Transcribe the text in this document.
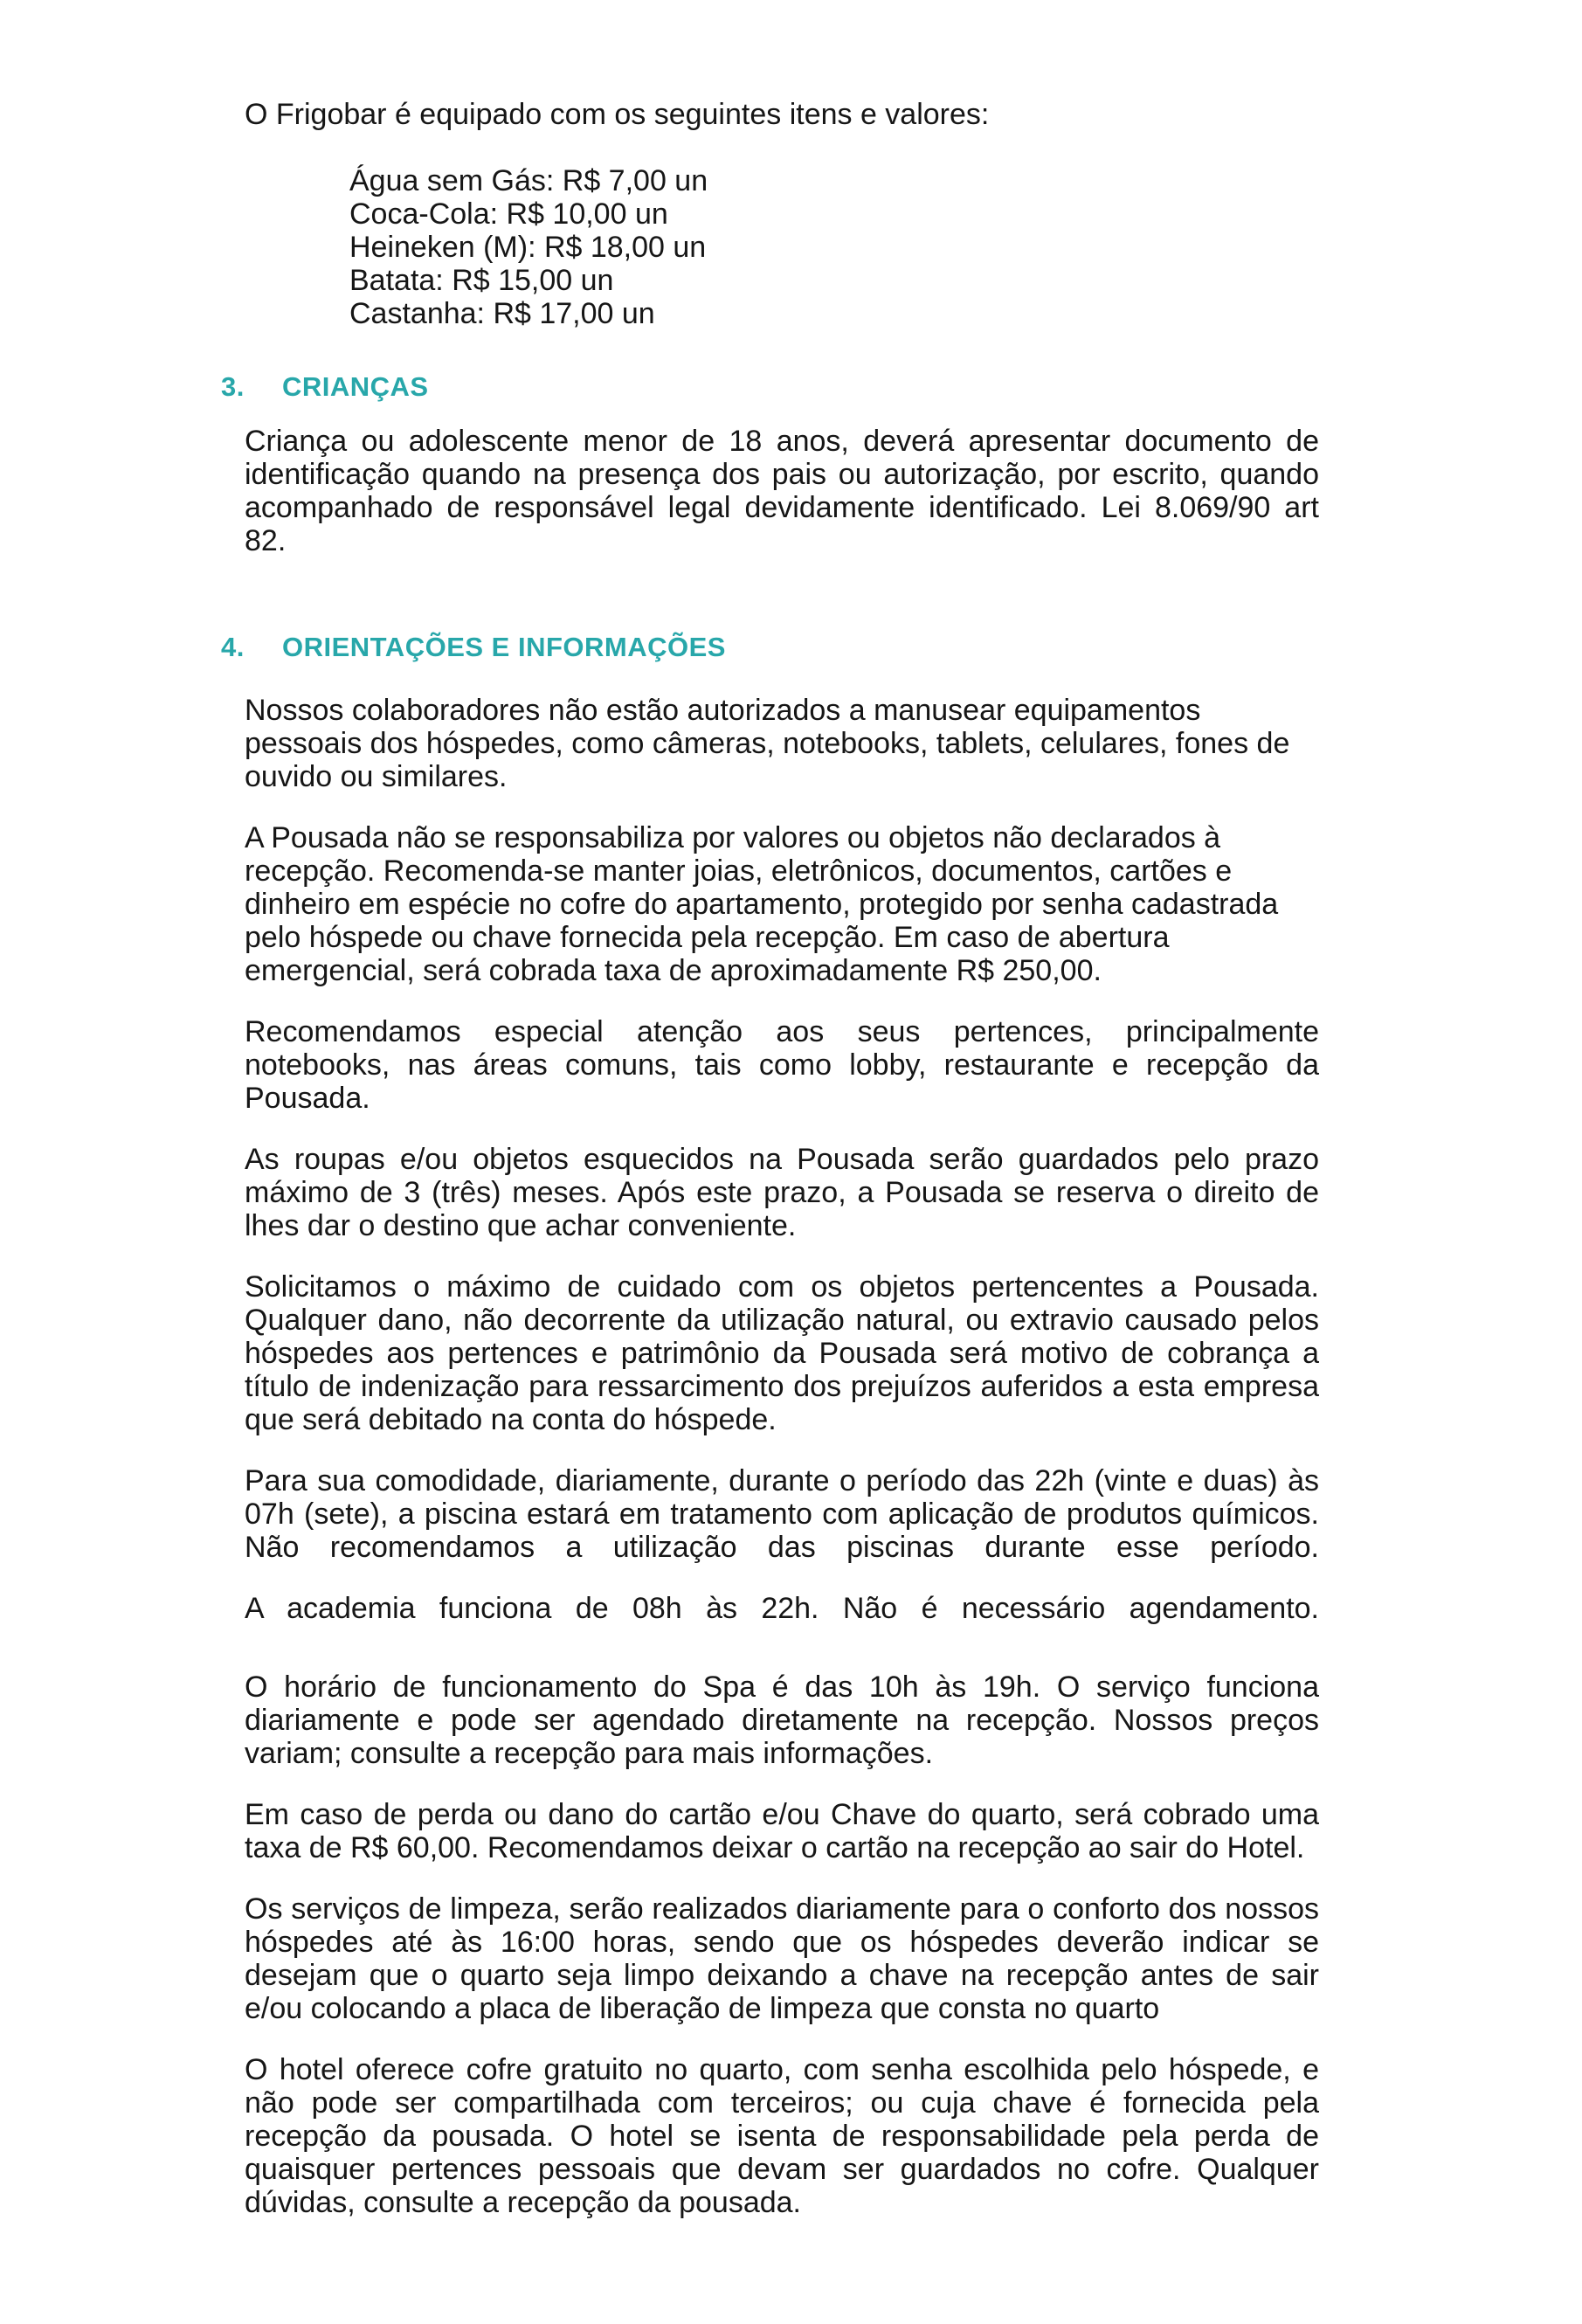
O Frigobar é equipado com os seguintes itens e valores:

Água sem Gás: R$ 7,00 un
Coca-Cola: R$ 10,00 un
Heineken (M): R$ 18,00 un
Batata: R$ 15,00 un
Castanha: R$ 17,00 un
3.	CRIANÇAS

Criança ou adolescente menor de 18 anos, deverá apresentar documento de identificação quando na presença dos pais ou autorização, por escrito, quando acompanhado de responsável legal devidamente identificado. Lei 8.069/90 art 82.

4.	ORIENTAÇÕES E INFORMAÇÕES

Nossos colaboradores não estão autorizados a manusear equipamentos pessoais dos hóspedes, como câmeras, notebooks, tablets, celulares, fones de ouvido ou similares.

A Pousada não se responsabiliza por valores ou objetos não declarados à recepção. Recomenda-se manter joias, eletrônicos, documentos, cartões e dinheiro em espécie no cofre do apartamento, protegido por senha cadastrada pelo hóspede ou chave fornecida pela recepção. Em caso de abertura emergencial, será cobrada taxa de aproximadamente R$ 250,00.

Recomendamos especial atenção aos seus pertences, principalmente notebooks, nas áreas comuns, tais como lobby, restaurante e recepção da Pousada.

As roupas e/ou objetos esquecidos na Pousada serão guardados pelo prazo máximo de 3 (três) meses. Após este prazo, a Pousada se reserva o direito de lhes dar o destino que achar conveniente.

Solicitamos o máximo de cuidado com os objetos pertencentes a Pousada. Qualquer dano, não decorrente da utilização natural, ou extravio causado pelos hóspedes aos pertences e patrimônio da Pousada será motivo de cobrança a título de indenização para ressarcimento dos prejuízos auferidos a esta empresa que será debitado na conta do hóspede.

Para sua comodidade, diariamente, durante o período das 22h (vinte e duas) às 07h (sete), a piscina estará em tratamento com aplicação de produtos químicos. Não recomendamos a utilização das piscinas durante esse período.

A academia funciona de 08h às 22h. Não é necessário agendamento.

O horário de funcionamento do Spa é das 10h às 19h. O serviço funciona diariamente e pode ser agendado diretamente na recepção. Nossos preços variam; consulte a recepção para mais informações.

Em caso de perda ou dano do cartão e/ou Chave do quarto, será cobrado uma taxa de R$ 60,00. Recomendamos deixar o cartão na recepção ao sair do Hotel.

Os serviços de limpeza, serão realizados diariamente para o conforto dos nossos hóspedes até às 16:00 horas, sendo que os hóspedes deverão indicar se desejam que o quarto seja limpo deixando a chave na recepção antes de sair e/ou colocando a placa de liberação de limpeza que consta no quarto

O hotel oferece cofre gratuito no quarto, com senha escolhida pelo hóspede, e não pode ser compartilhada com terceiros; ou cuja chave é fornecida pela recepção da pousada. O hotel se isenta de responsabilidade pela perda de quaisquer pertences pessoais que devam ser guardados no cofre. Qualquer dúvidas, consulte a recepção da pousada.
